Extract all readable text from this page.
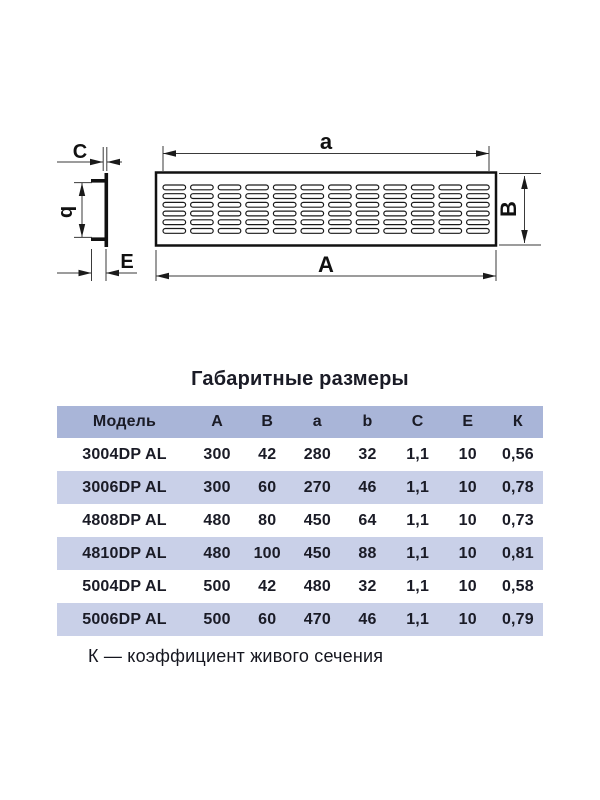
C
b
E
a
A
B
Габаритные размеры
Модель	A	B	a	b	C	E	К
3004DP AL	300	42	280	32	1,1	10	0,56
3006DP AL	300	60	270	46	1,1	10	0,78
4808DP AL	480	80	450	64	1,1	10	0,73
4810DP AL	480	100	450	88	1,1	10	0,81
5004DP AL	500	42	480	32	1,1	10	0,58
5006DP AL	500	60	470	46	1,1	10	0,79
К — коэффициент живого сечения
